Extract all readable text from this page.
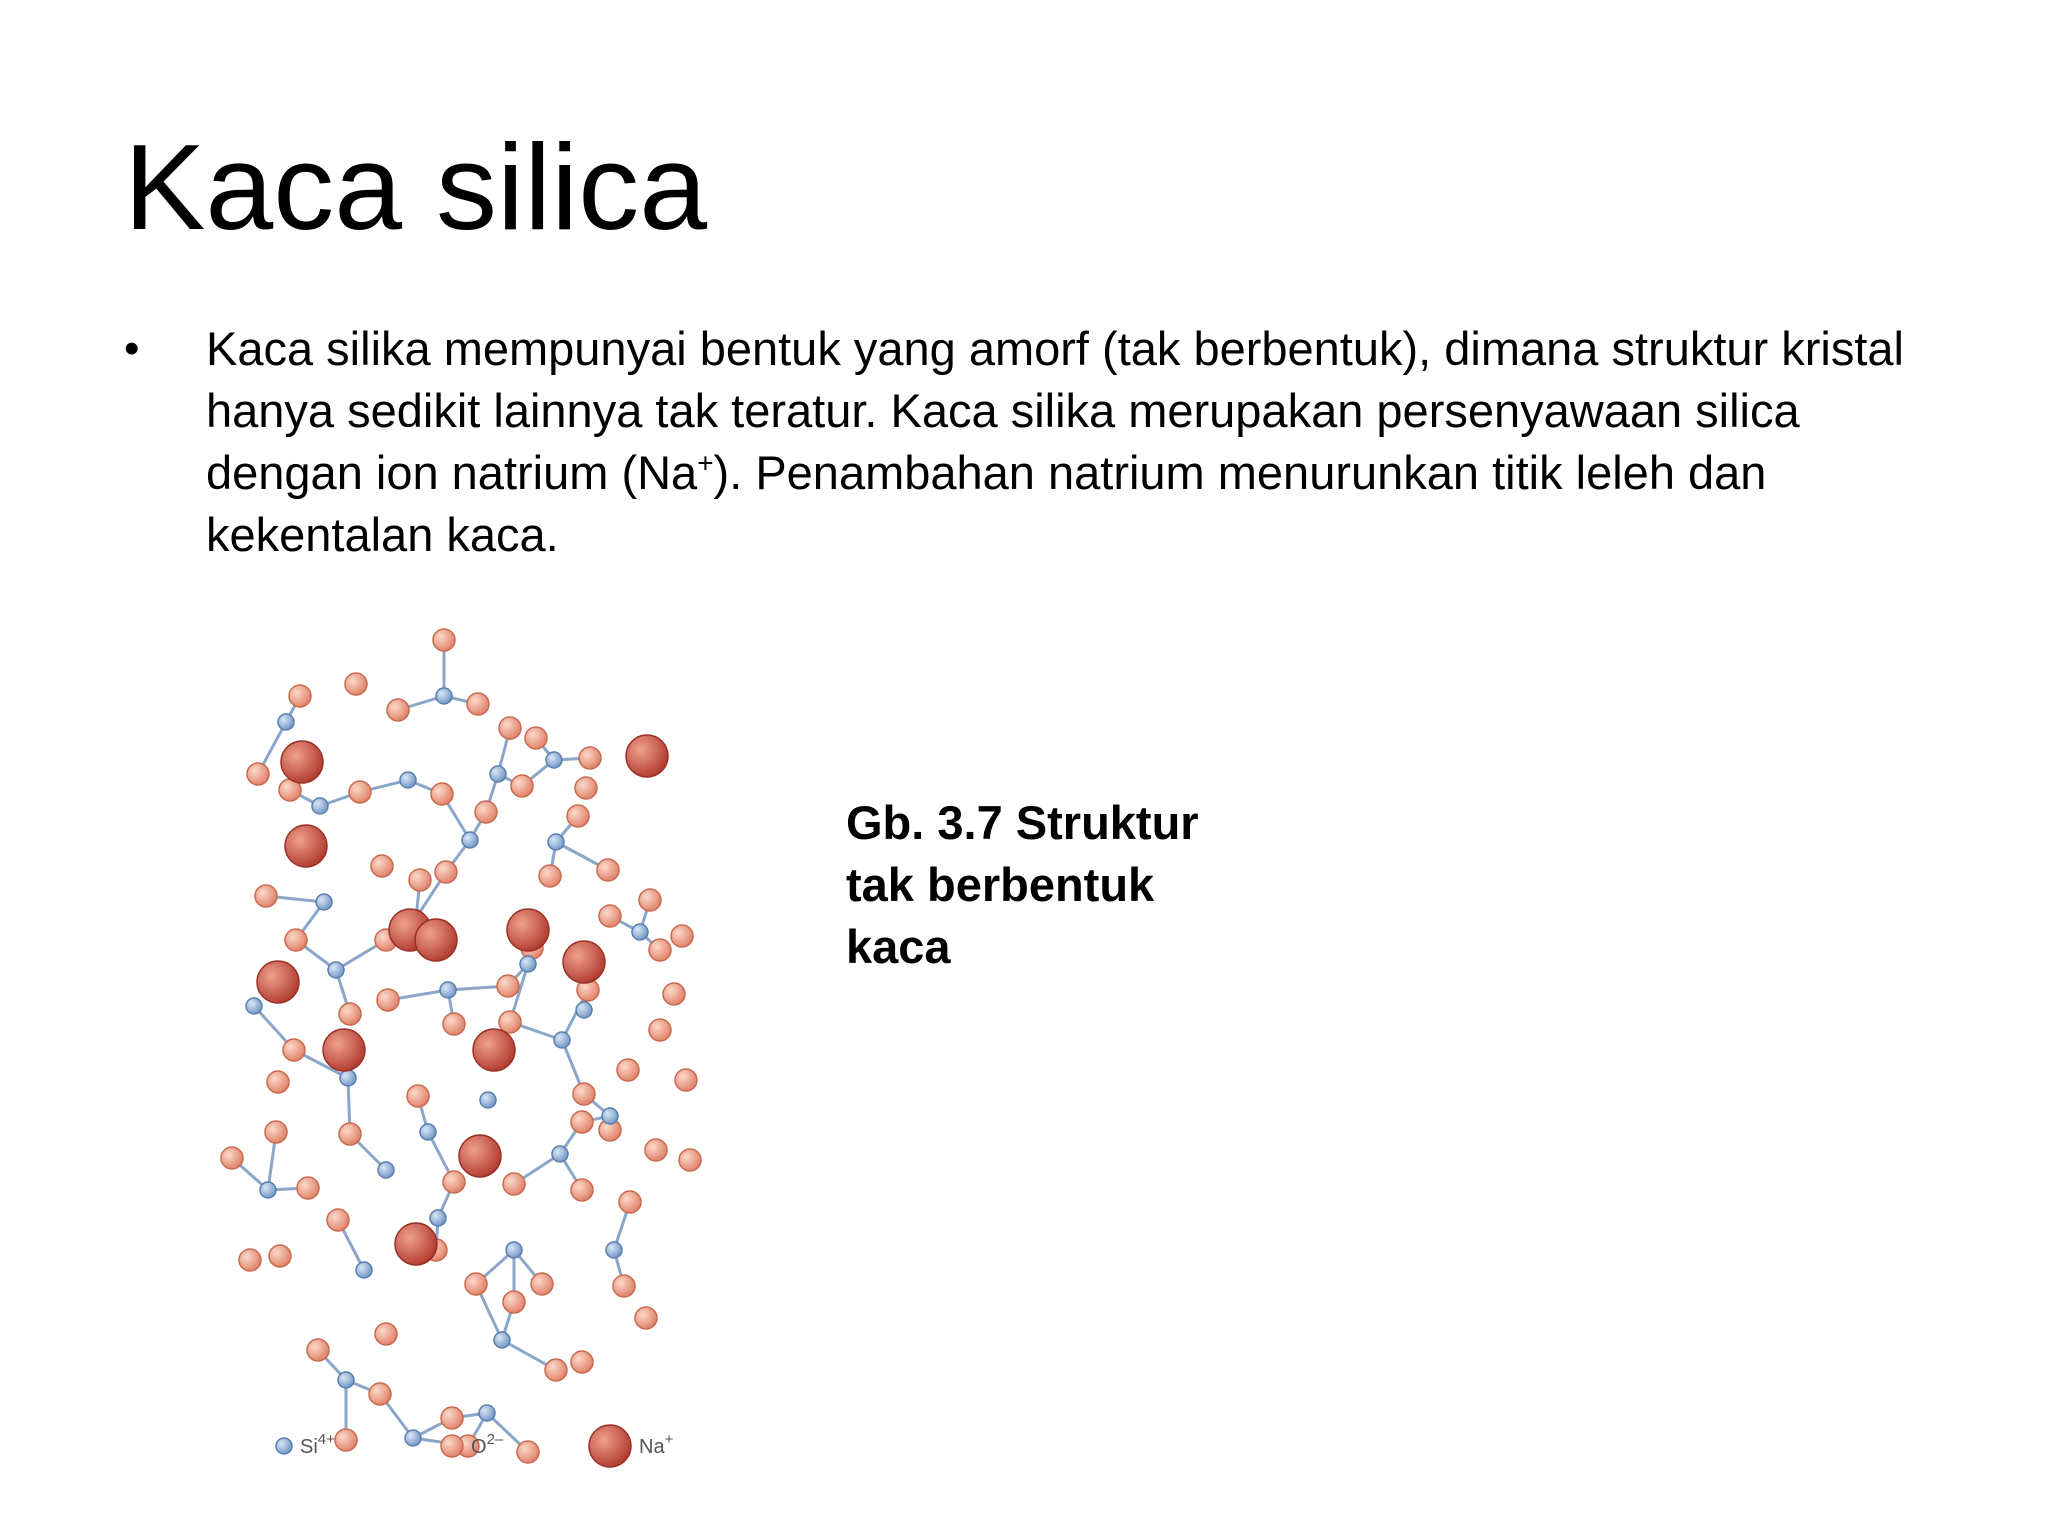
Kaca silica
• Kaca silika mempunyai bentuk yang amorf (tak berbentuk), dimana struktur kristal hanya sedikit lainnya tak teratur. Kaca silika merupakan persenyawaan silica dengan ion natrium (Na+). Penambahan natrium menurunkan titik leleh dan kekentalan kaca.

$Si^{4+}$	$O^{2-}$	Na+

Gb. 3.7 Struktur tak berbentuk kaca
